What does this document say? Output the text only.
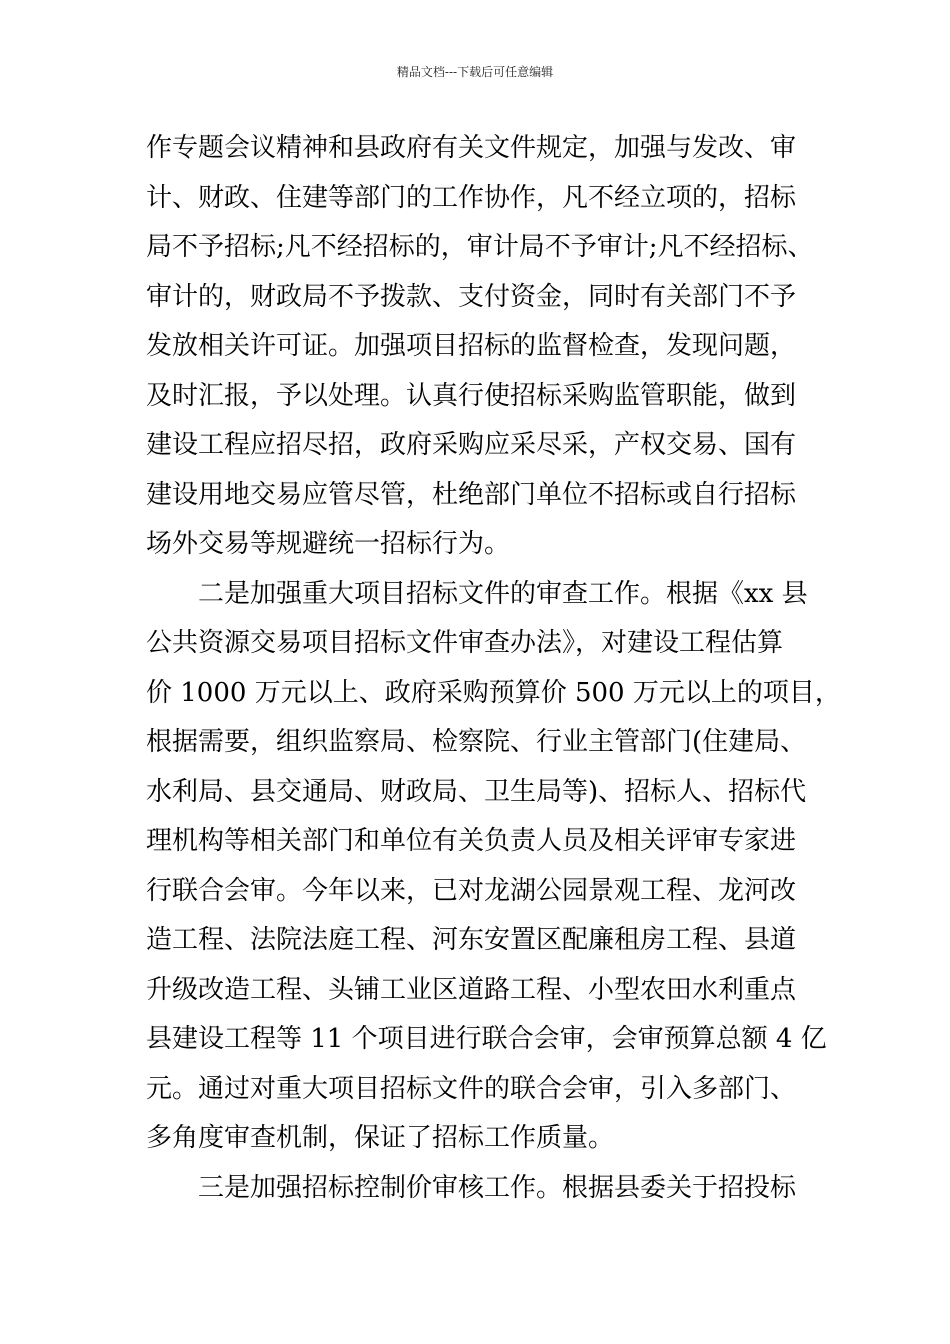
精品文档---下载后可任意编辑
作专题会议精神和县政府有关文件规定，加强与发改、审
计、财政、住建等部门的工作协作，凡不经立项的，招标
局不予招标;凡不经招标的，审计局不予审计;凡不经招标、
审计的，财政局不予拨款、支付资金，同时有关部门不予
发放相关许可证。加强项目招标的监督检查，发现问题，
及时汇报，予以处理。认真行使招标采购监管职能，做到
建设工程应招尽招，政府采购应采尽采，产权交易、国有
建设用地交易应管尽管，杜绝部门单位不招标或自行招标
场外交易等规避统一招标行为。
二是加强重大项目招标文件的审查工作。根据《xx 县
公共资源交易项目招标文件审查办法》，对建设工程估算
价 1000 万元以上、政府采购预算价 500 万元以上的项目，
根据需要，组织监察局、检察院、行业主管部门(住建局、
水利局、县交通局、财政局、卫生局等)、招标人、招标代
理机构等相关部门和单位有关负责人员及相关评审专家进
行联合会审。今年以来，已对龙湖公园景观工程、龙河改
造工程、法院法庭工程、河东安置区配廉租房工程、县道
升级改造工程、头铺工业区道路工程、小型农田水利重点
县建设工程等 11 个项目进行联合会审，会审预算总额 4 亿
元。通过对重大项目招标文件的联合会审，引入多部门、
多角度审查机制，保证了招标工作质量。
三是加强招标控制价审核工作。根据县委关于招投标
